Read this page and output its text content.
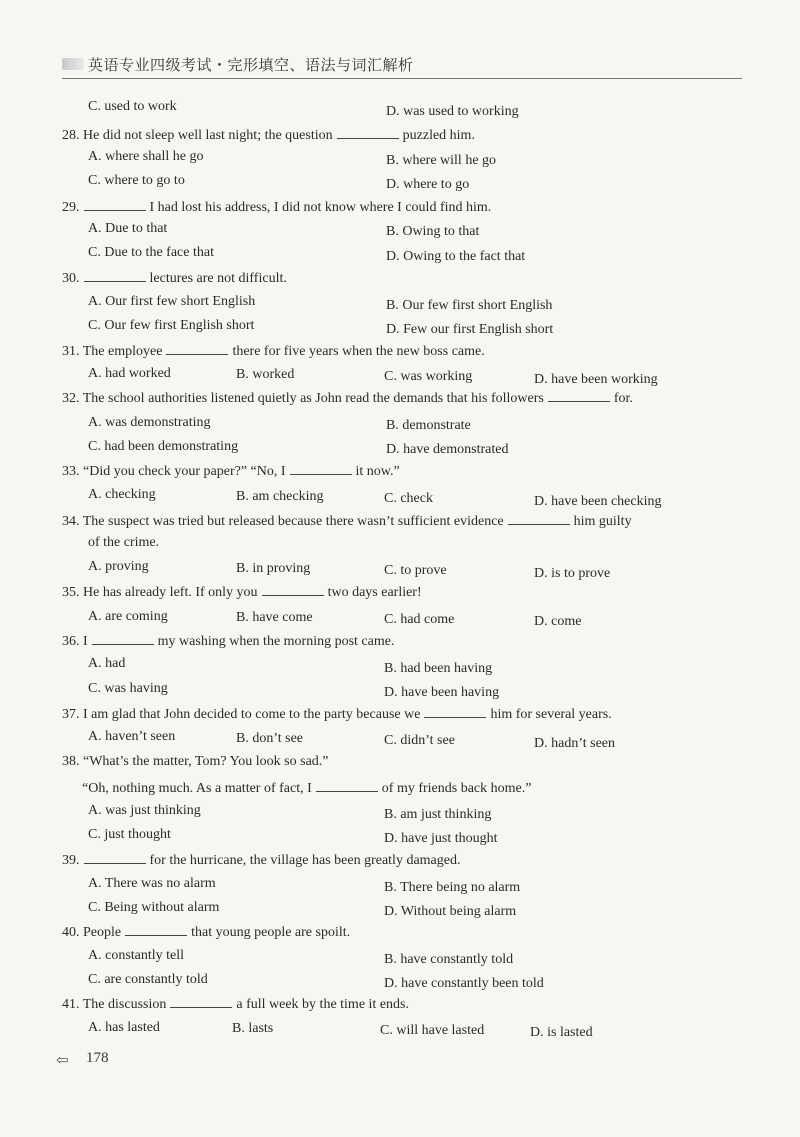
英语专业四级考试・完形填空、语法与词汇解析
C. used to work	D. was used to working
28. He did not sleep well last night; the question	puzzled him.
A. where shall he go	B. where will he go
C. where to go to	D. where to go
29.	I had lost his address, I did not know where I could find him.
A. Due to that	B. Owing to that
C. Due to the face that	D. Owing to the fact that
30.	lectures are not difficult.
A. Our first few short English	B. Our few first short English
C. Our few first English short	D. Few our first English short
31. The employee	there for five years when the new boss came.
A. had worked	B. worked	C. was working	D. have been working
32. The school authorities listened quietly as John read the demands that his followers	for.
A. was demonstrating	B. demonstrate
C. had been demonstrating	D. have demonstrated
33. “Did you check your paper?” “No, I	it now.”
A. checking	B. am checking	C. check	D. have been checking
34. The suspect was tried but released because there wasn’t sufficient evidence	him guilty
of the crime.
A. proving	B. in proving	C. to prove	D. is to prove
35. He has already left. If only you	two days earlier!
A. are coming	B. have come	C. had come	D. come
36. I	my washing when the morning post came.
A. had	B. had been having
C. was having	D. have been having
37. I am glad that John decided to come to the party because we	him for several years.
A. haven’t seen	B. don’t see	C. didn’t see	D. hadn’t seen
38. “What’s the matter, Tom? You look so sad.”
“Oh, nothing much. As a matter of fact, I	of my friends back home.”
A. was just thinking	B. am just thinking
C. just thought	D. have just thought
39.	for the hurricane, the village has been greatly damaged.
A. There was no alarm	B. There being no alarm
C. Being without alarm	D. Without being alarm
40. People	that young people are spoilt.
A. constantly tell	B. have constantly told
C. are constantly told	D. have constantly been told
41. The discussion	a full week by the time it ends.
A. has lasted	B. lasts	C. will have lasted	D. is lasted
⇦ 178
